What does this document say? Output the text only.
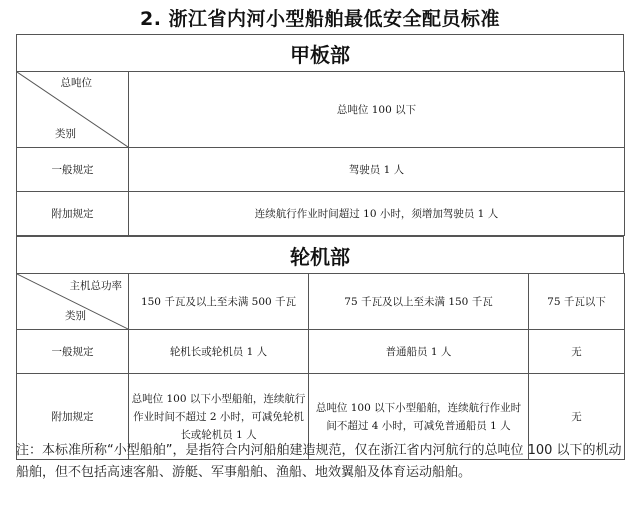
2. 浙江省内河小型船舶最低安全配员标准
甲板部
总吨位
类别	总吨位 100 以下
一般规定	驾驶员 1 人
附加规定	连续航行作业时间超过 10 小时，须增加驾驶员 1 人
轮机部
主机总功率
类别	150 千瓦及以上至未满 500 千瓦	75 千瓦及以上至未满 150 千瓦	75 千瓦以下
一般规定	轮机长或轮机员 1 人	普通船员 1 人	无
附加规定	总吨位 100 以下小型船舶，连续航行作业时间不超过 2 小时，可减免轮机长或轮机员 1 人	总吨位 100 以下小型船舶，连续航行作业时间不超过 4 小时，可减免普通船员 1 人	无
注：本标准所称“小型船舶”，是指符合内河船舶建造规范，仅在浙江省内河航行的总吨位 100 以下的机动船舶，但不包括高速客船、游艇、军事船舶、渔船、地效翼船及体育运动船舶。
